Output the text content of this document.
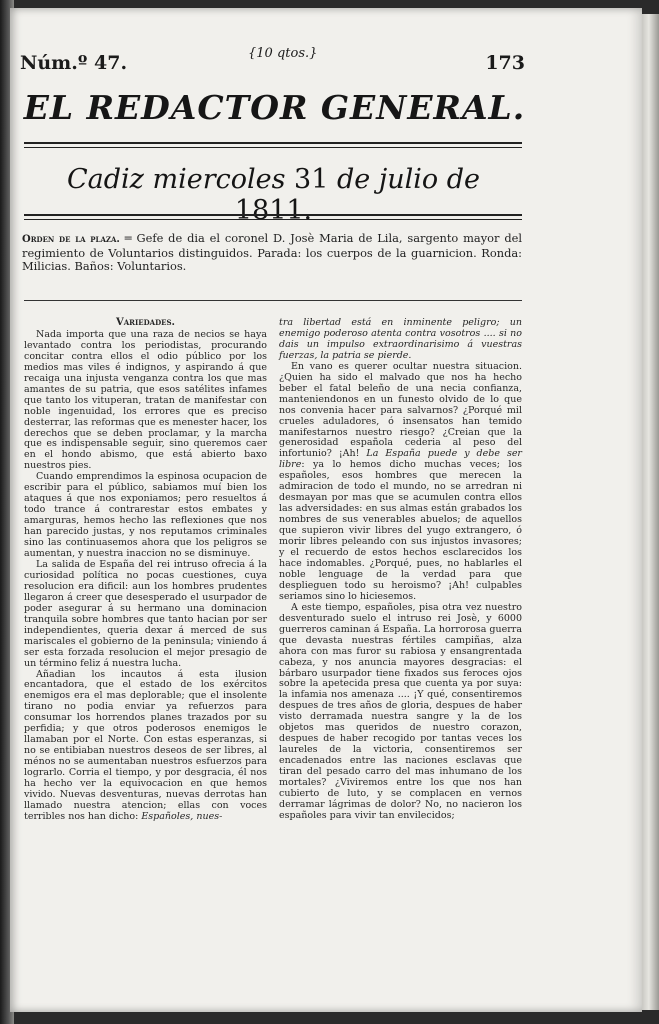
Núm.º 47.	{10 qtos.}	173
EL REDACTOR GENERAL.
Cadiz miercoles 31 de julio de 1811.
Orden de la plaza. ═ Gefe de dia el coronel D. Josè Maria de Lila, sargento mayor del regimiento de Voluntarios distinguidos. Parada: los cuerpos de la guarnicion. Ronda: Milicias. Baños: Voluntarios.

Variedades.

Nada importa que una raza de necios se haya levantado contra los periodistas, procurando concitar contra ellos el odio público por los medios mas viles é indignos, y aspirando á que recaiga una injusta venganza contra los que mas amantes de su patria, que esos satélites infames que tanto los vituperan, tratan de manifestar con noble ingenuidad, los errores que es preciso desterrar, las reformas que es menester hacer, los derechos que se deben proclamar, y la marcha que es indispensable seguir, sino queremos caer en el hondo abismo, que está abierto baxo nuestros pies.

Cuando emprendimos la espinosa ocupacion de escribir para el público, sabiamos muí bien los ataques á que nos exponiamos; pero resueltos á todo trance á contrarestar estos embates y amarguras, hemos hecho las reflexiones que nos han parecido justas, y nos reputamos criminales sino las continuasemos ahora que los peligros se aumentan, y nuestra inaccion no se disminuye.

La salida de España del rei intruso ofrecia á la curiosidad política no pocas cuestiones, cuya resolucion era dificil: aun los hombres prudentes llegaron á creer que desesperado el usurpador de poder asegurar á su hermano una dominacion tranquila sobre hombres que tanto hacian por ser independientes, queria dexar á merced de sus mariscales el gobierno de la peninsula; viniendo á ser esta forzada resolucion el mejor presagio de un término feliz á nuestra lucha.

Añadian los incautos á esta ilusion encantadora, que el estado de los exércitos enemigos era el mas deplorable; que el insolente tirano no podia enviar ya refuerzos para consumar los horrendos planes trazados por su perfidia; y que otros poderosos enemigos le llamaban por el Norte. Con estas esperanzas, si no se entibiaban nuestros deseos de ser libres, al ménos no se aumentaban nuestros esfuerzos para lograrlo. Corria el tiempo, y por desgracia, él nos ha hecho ver la equivocacion en que hemos vivido. Nuevas desventuras, nuevas derrotas han llamado nuestra atencion; ellas con voces terribles nos han dicho: Españoles, nues-

tra libertad está en inminente peligro; un enemigo poderoso atenta contra vosotros .... si no dais un impulso extraordinarisimo á vuestras fuerzas, la patria se pierde.

En vano es querer ocultar nuestra situacion. ¿Quien ha sido el malvado que nos ha hecho beber el fatal beleño de una necia confianza, manteniendonos en un funesto olvido de lo que nos convenia hacer para salvarnos? ¿Porqué mil crueles aduladores, ó insensatos han temido manifestarnos nuestro riesgo? ¿Creian que la generosidad española cederia al peso del infortunio? ¡Ah! La España puede y debe ser libre: ya lo hemos dicho muchas veces; los españoles, esos hombres que merecen la admiracion de todo el mundo, no se arredran ni desmayan por mas que se acumulen contra ellos las adversidades: en sus almas están grabados los nombres de sus venerables abuelos; de aquellos que supieron vivir libres del yugo extrangero, ó morir libres peleando con sus injustos invasores; y el recuerdo de estos hechos esclarecidos los hace indomables. ¿Porqué, pues, no hablarles el noble lenguage de la verdad para que desplieguen todo su heroismo? ¡Ah! culpables seriamos sino lo hiciesemos.

A este tiempo, españoles, pisa otra vez nuestro desventurado suelo el intruso rei Josè, y 6000 guerreros caminan á España. La horrorosa guerra que devasta nuestras fértiles campiñas, alza ahora con mas furor su rabiosa y ensangrentada cabeza, y nos anuncia mayores desgracias: el bárbaro usurpador tiene fixados sus feroces ojos sobre la apetecida presa que cuenta ya por suya: la infamia nos amenaza .... ¡Y qué, consentiremos despues de tres años de gloria, despues de haber visto derramada nuestra sangre y la de los objetos mas queridos de nuestro corazon, despues de haber recogido por tantas veces los laureles de la victoria, consentiremos ser encadenados entre las naciones esclavas que tiran del pesado carro del mas inhumano de los mortales? ¿Viviremos entre los que nos han cubierto de luto, y se complacen en vernos derramar lágrimas de dolor? No, no nacieron los españoles para vivir tan envilecidos;
